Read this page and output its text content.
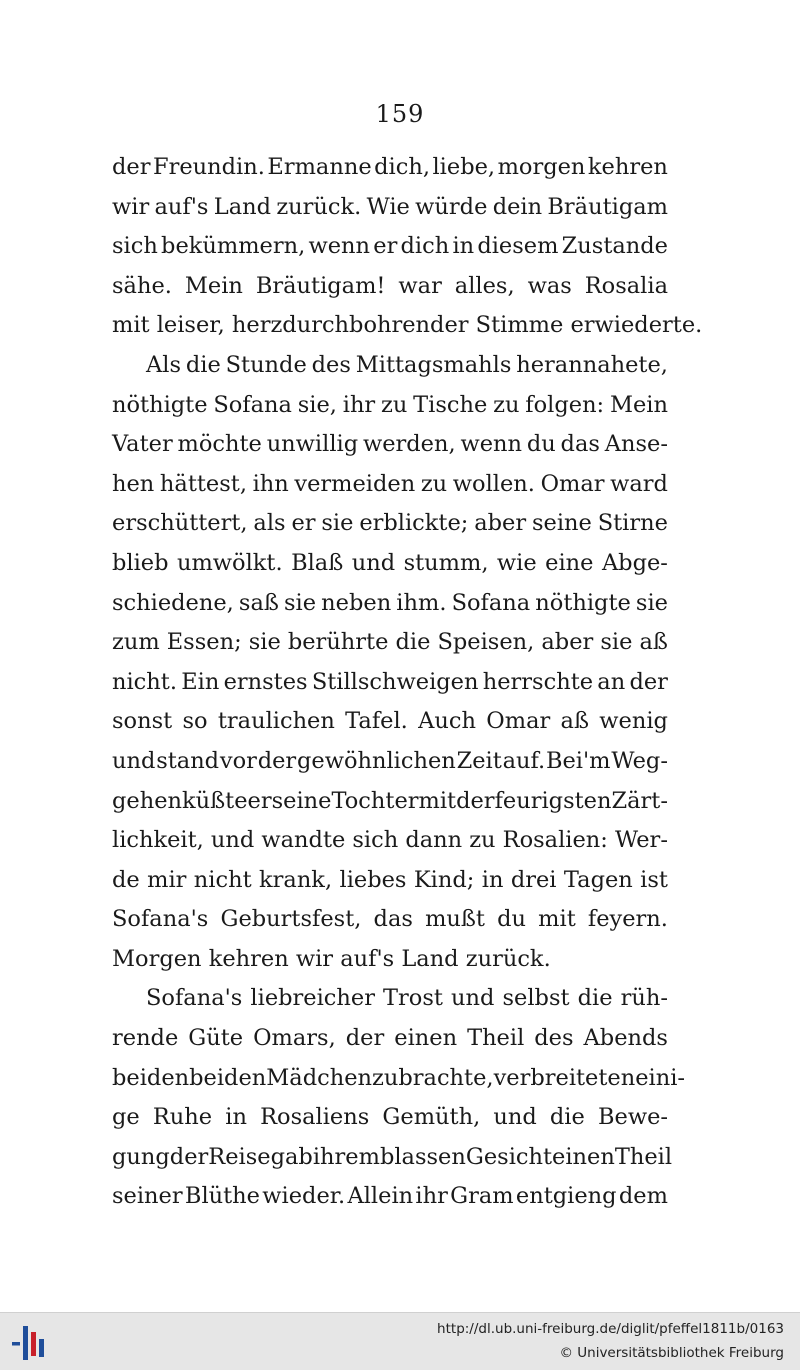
159
der Freundin. Ermanne dich, liebe, morgen kehren
wir auf's Land zurück. Wie würde dein Bräutigam
sich bekümmern, wenn er dich in diesem Zustande
sähe. Mein Bräutigam! war alles, was Rosalia
mit leiser, herzdurchbohrender Stimme erwiederte.
Als die Stunde des Mittagsmahls herannahete,
nöthigte Sofana sie, ihr zu Tische zu folgen: Mein
Vater möchte unwillig werden, wenn du das Anse-
hen hättest, ihn vermeiden zu wollen. Omar ward
erschüttert, als er sie erblickte; aber seine Stirne
blieb umwölkt. Blaß und stumm, wie eine Abge-
schiedene, saß sie neben ihm. Sofana nöthigte sie
zum Essen; sie berührte die Speisen, aber sie aß
nicht. Ein ernstes Stillschweigen herrschte an der
sonst so traulichen Tafel. Auch Omar aß wenig
und stand vor der gewöhnlichen Zeit auf. Bei'm Weg-
gehen küßte er seine Tochter mit der feurigsten Zärt-
lichkeit, und wandte sich dann zu Rosalien: Wer-
de mir nicht krank, liebes Kind; in drei Tagen ist
Sofana's Geburtsfest, das mußt du mit feyern.
Morgen kehren wir auf's Land zurück.
Sofana's liebreicher Trost und selbst die rüh-
rende Güte Omars, der einen Theil des Abends
bei den beiden Mädchen zubrachte, verbreiteten eini-
ge Ruhe in Rosaliens Gemüth, und die Bewe-
gung der Reise gab ihrem blassen Gesicht einen Theil
seiner Blüthe wieder. Allein ihr Gram entgieng dem
http://dl.ub.uni-freiburg.de/diglit/pfeffel1811b/0163
© Universitätsbibliothek Freiburg
